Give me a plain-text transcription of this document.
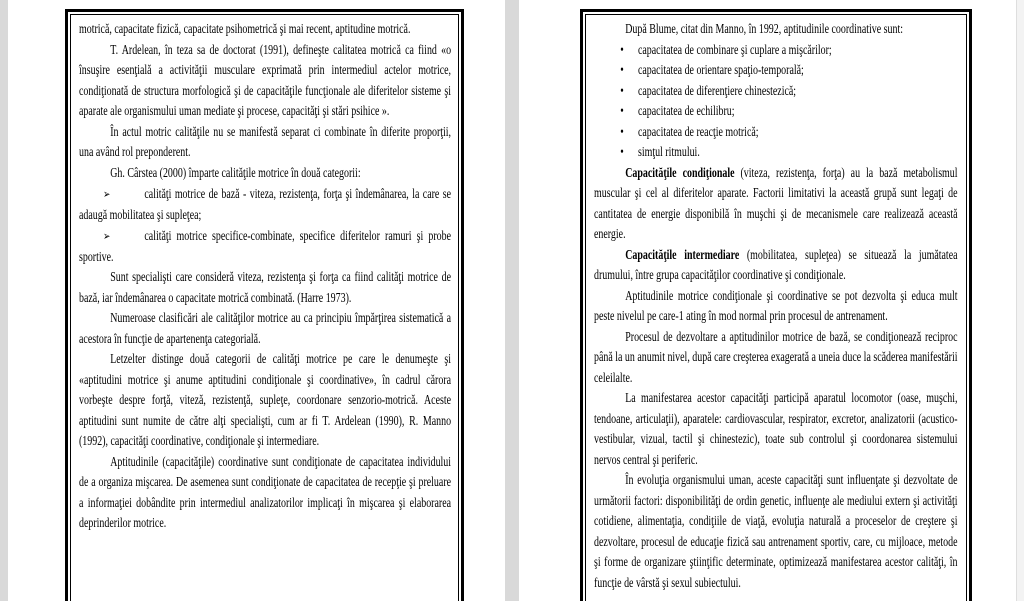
motrică, capacitate fizică, capacitate psihometrică şi mai recent, aptitudine motrică.

T. Ardelean, în teza sa de doctorat (1991), defineşte calitatea motrică ca fiind «o însuşire esenţială a activităţii musculare exprimată prin intermediul actelor motrice, condiţionată de structura morfologică şi de capacităţile funcţionale ale diferitelor sisteme şi aparate ale organismului uman mediate şi procese, capacităţi şi stări psihice ».

În actul motric calităţile nu se manifestă separat ci combinate în diferite proporţii, una având rol preponderent.

Gh. Cârstea (2000) împarte calităţile motrice în două categorii:

➢ calităţi motrice de bază - viteza, rezistenţa, forţa şi îndemânarea, la care se adaugă mobilitatea şi supleţea;

➢ calităţi motrice specifice-combinate, specifice diferitelor ramuri şi probe sportive.

Sunt specialişti care consideră viteza, rezistenţa şi forţa ca fiind calităţi motrice de bază, iar îndemânarea o capacitate motrică combinată. (Harre 1973).

Numeroase clasificări ale calităţilor motrice au ca principiu împărţirea sistematică a acestora în funcţie de apartenenţa categorială.

Letzelter distinge două categorii de calităţi motrice pe care le denumeşte şi «aptitudini motrice şi anume aptitudini condiţionale şi coordinative», în cadrul cărora vorbeşte despre forţă, viteză, rezistenţă, supleţe, coordonare senzorio-motrică. Aceste aptitudini sunt numite de către alţi specialişti, cum ar fi T. Ardelean (1990), R. Manno (1992), capacităţi coordinative, condiţionale şi intermediare.

Aptitudinile (capacităţile) coordinative sunt condiţionate de capacitatea individului de a organiza mişcarea. De asemenea sunt condiţionate de capacitatea de recepţie şi preluare a informaţiei dobândite prin intermediul analizatorilor implicaţi în mişcarea şi elaborarea deprinderilor motrice.

După Blume, citat din Manno, în 1992, aptitudinile coordinative sunt:

• capacitatea de combinare şi cuplare a mişcărilor;

• capacitatea de orientare spaţio-temporală;

• capacitatea de diferenţiere chinestezică;

• capacitatea de echilibru;

• capacitatea de reacţie motrică;

• simţul ritmului.

Capacităţile condiţionale (viteza, rezistenţa, forţa) au la bază metabolismul muscular şi cel al diferitelor aparate. Factorii limitativi la această grupă sunt legaţi de cantitatea de energie disponibilă în muşchi şi de mecanismele care realizează această energie.

Capacităţile intermediare (mobilitatea, supleţea) se situează la jumătatea drumului, între grupa capacităţilor coordinative şi condiţionale.

Aptitudinile motrice condiţionale şi coordinative se pot dezvolta şi educa mult peste nivelul pe care-1 ating în mod normal prin procesul de antrenament.

Procesul de dezvoltare a aptitudinilor motrice de bază, se condiţionează reciproc până la un anumit nivel, după care creşterea exagerată a uneia duce la scăderea manifestării celeilalte.

La manifestarea acestor capacităţi participă aparatul locomotor (oase, muşchi, tendoane, articulaţii), aparatele: cardiovascular, respirator, excretor, analizatorii (acustico-vestibular, vizual, tactil şi chinestezic), toate sub controlul şi coordonarea sistemului nervos central şi periferic.

În evoluţia organismului uman, aceste capacităţi sunt influenţate şi dezvoltate de următorii factori: disponibilităţi de ordin genetic, influenţe ale mediului extern şi activităţi cotidiene, alimentaţia, condiţiile de viaţă, evoluţia naturală a proceselor de creştere şi dezvoltare, procesul de educaţie fizică sau antrenament sportiv, care, cu mijloace, metode şi forme de organizare ştiinţific determinate, optimizează manifestarea acestor calităţi, în funcţie de vârstă şi sexul subiectului.
